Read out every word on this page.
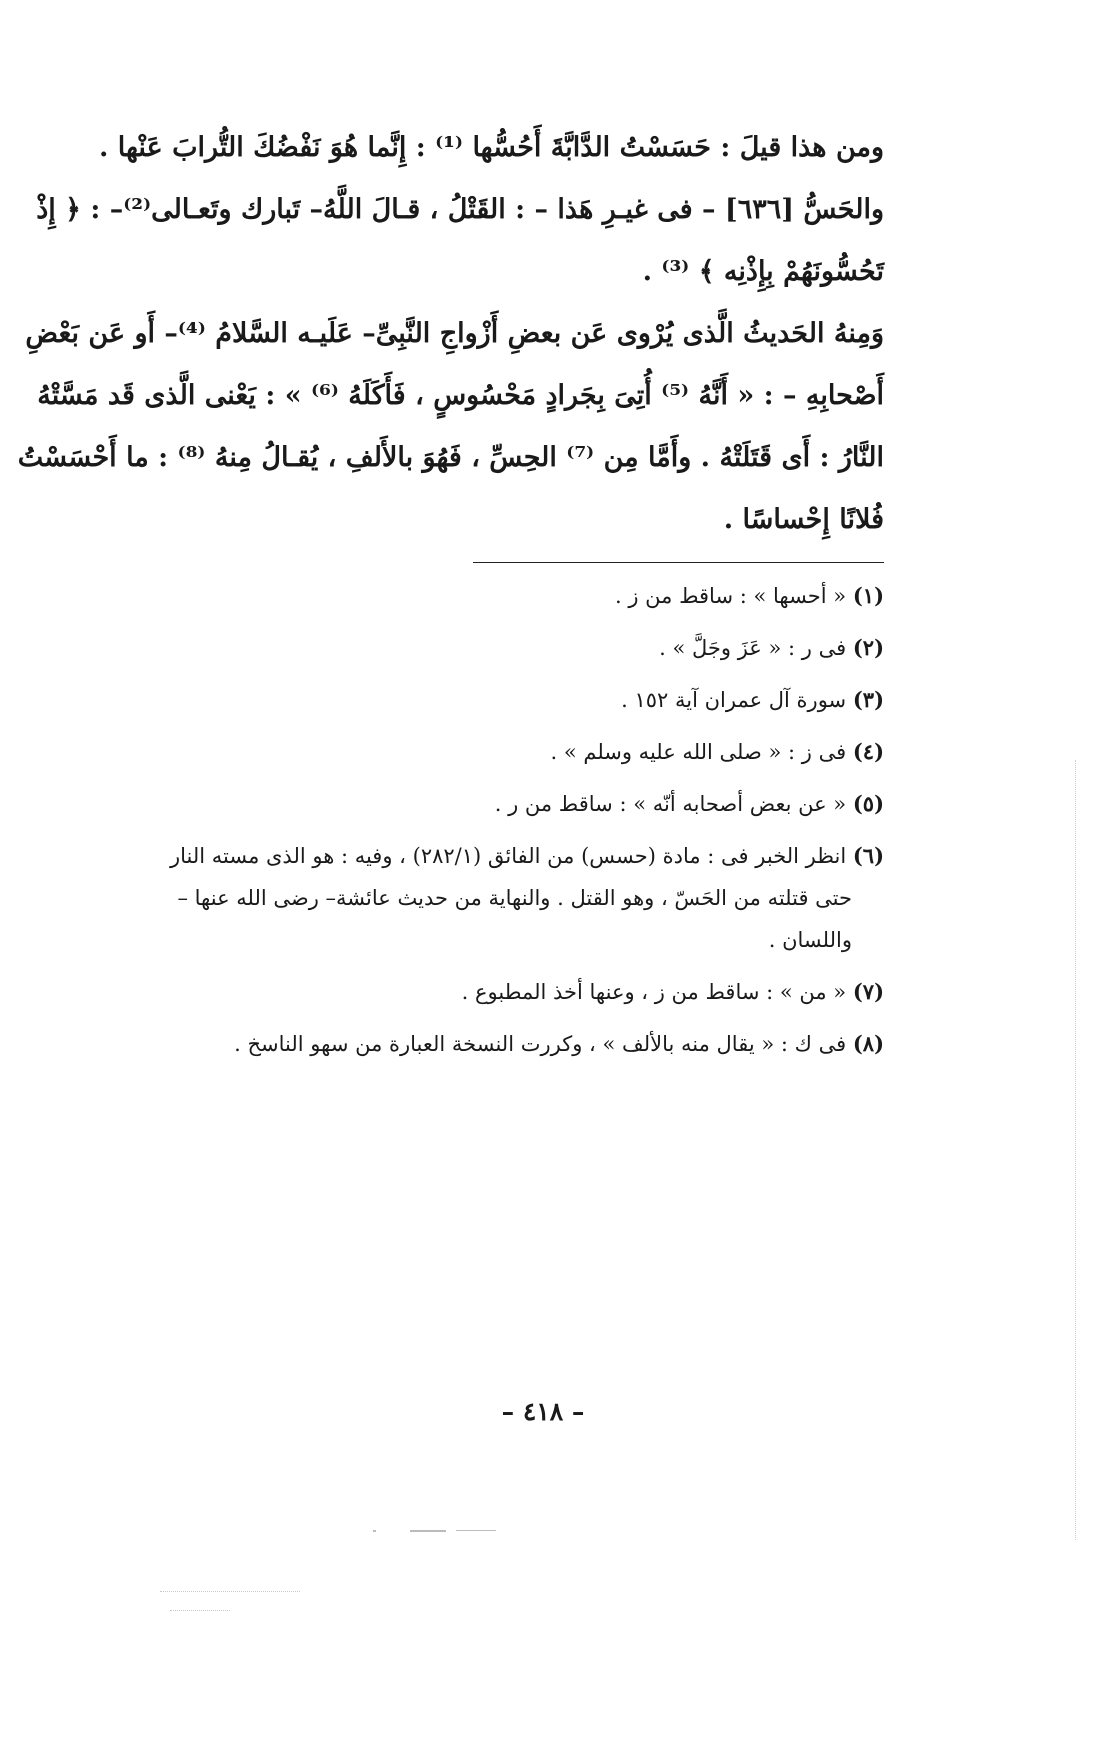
ومن هذا قيلَ : حَسَسْتُ الدَّابَّةَ أَحُسُّها ⁽¹⁾ : إِنَّما هُوَ نَفْضُكَ التُّرابَ عَنْها .

والحَسُّ [٦٣٦] – فى غيـرِ هَذا – : القَتْلُ ، قـالَ اللَّهُ– تَبارك وتَعـالى⁽²⁾– : ﴿ إِذْ

تَحُسُّونَهُمْ بِإِذْنِه ﴾ ⁽³⁾ .

وَمِنهُ الحَديثُ الَّذى يُرْوى عَن بعضِ أَزْواجِ النَّبِىِّ– عَلَيـه السَّلامُ ⁽⁴⁾– أَو عَن بَعْضِ

أَصْحابِهِ – : « أَنَّهُ ⁽⁵⁾ أُتِىَ بِجَرادٍ مَحْسُوسٍ ، فَأَكَلَهُ ⁽⁶⁾ » : يَعْنى الَّذى قَد مَسَّتْهُ

النَّارُ : أَى قَتَلَتْهُ . وأَمَّا مِن ⁽⁷⁾ الحِسِّ ، فَهُوَ بالأَلفِ ، يُقـالُ مِنهُ ⁽⁸⁾ : ما أَحْسَسْتُ

فُلانًا إِحْساسًا .

(١) « أحسها » : ساقط من ز .

(٢) فى ر : « عَزَ وجَلَّ » .

(٣) سورة آل عمران آية ١٥٢ .

(٤) فى ز : « صلى الله عليه وسلم » .

(٥) « عن بعض أصحابه أنّه » : ساقط من ر .

(٦) انظر الخبر فى : مادة (حسس) من الفائق (٢٨٢/١) ، وفيه : هو الذى مسته النار

حتى قتلته من الحَسّ ، وهو القتل . والنهاية من حديث عائشة– رضى الله عنها –

واللسان .

(٧) « من » : ساقط من ز ، وعنها أخذ المطبوع .

(٨) فى ك : « يقال منه بالألف » ، وكررت النسخة العبارة من سهو الناسخ .

– ٤١٨ –
